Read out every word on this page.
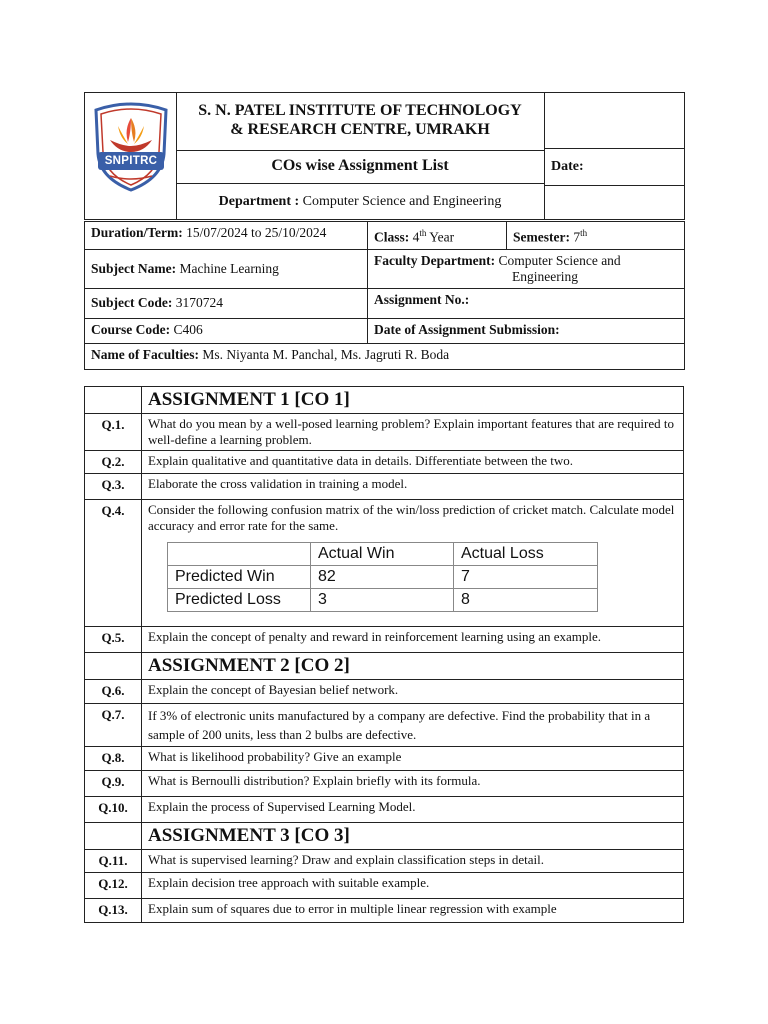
SNPITRC
S. N. PATEL INSTITUTE OF TECHNOLOGY
& RESEARCH CENTRE, UMRAKH
COs wise Assignment List
Department : Computer Science and Engineering
Date:
Duration/Term: 15/07/2024 to 25/10/2024	Class: 4th Year	Semester: 7th
Subject Name: Machine Learning	Faculty Department: Computer Science and
Engineering	

Subject Code: 3170724	Assignment No.:	
Course Code: C406	Date of Assignment Submission:	
Name of Faculties: Ms. Niyanta M. Panchal, Ms. Jagruti R. Boda		
	ASSIGNMENT 1 [CO 1]
Q.1.	What do you mean by a well-posed learning problem? Explain important features that are required to well-define a learning problem.
Q.2.	Explain qualitative and quantitative data in details. Differentiate between the two.
Q.3.	Elaborate the cross validation in training a model.
Q.4.	Consider the following confusion matrix of the win/loss prediction of cricket match. Calculate model accuracy and error rate for the same.
	Actual Win	Actual Loss
Predicted Win	82	7
Predicted Loss	3	8

Q.5.	Explain the concept of penalty and reward in reinforcement learning using an example.
	ASSIGNMENT 2 [CO 2]
Q.6.	Explain the concept of Bayesian belief network.
Q.7.	If 3% of electronic units manufactured by a company are defective. Find the probability that in a sample of 200 units, less than 2 bulbs are defective.
Q.8.	What is likelihood probability? Give an example
Q.9.	What is Bernoulli distribution? Explain briefly with its formula.
Q.10.	Explain the process of Supervised Learning Model.
	ASSIGNMENT 3 [CO 3]
Q.11.	What is supervised learning? Draw and explain classification steps in detail.
Q.12.	Explain decision tree approach with suitable example.
Q.13.	Explain sum of squares due to error in multiple linear regression with example
